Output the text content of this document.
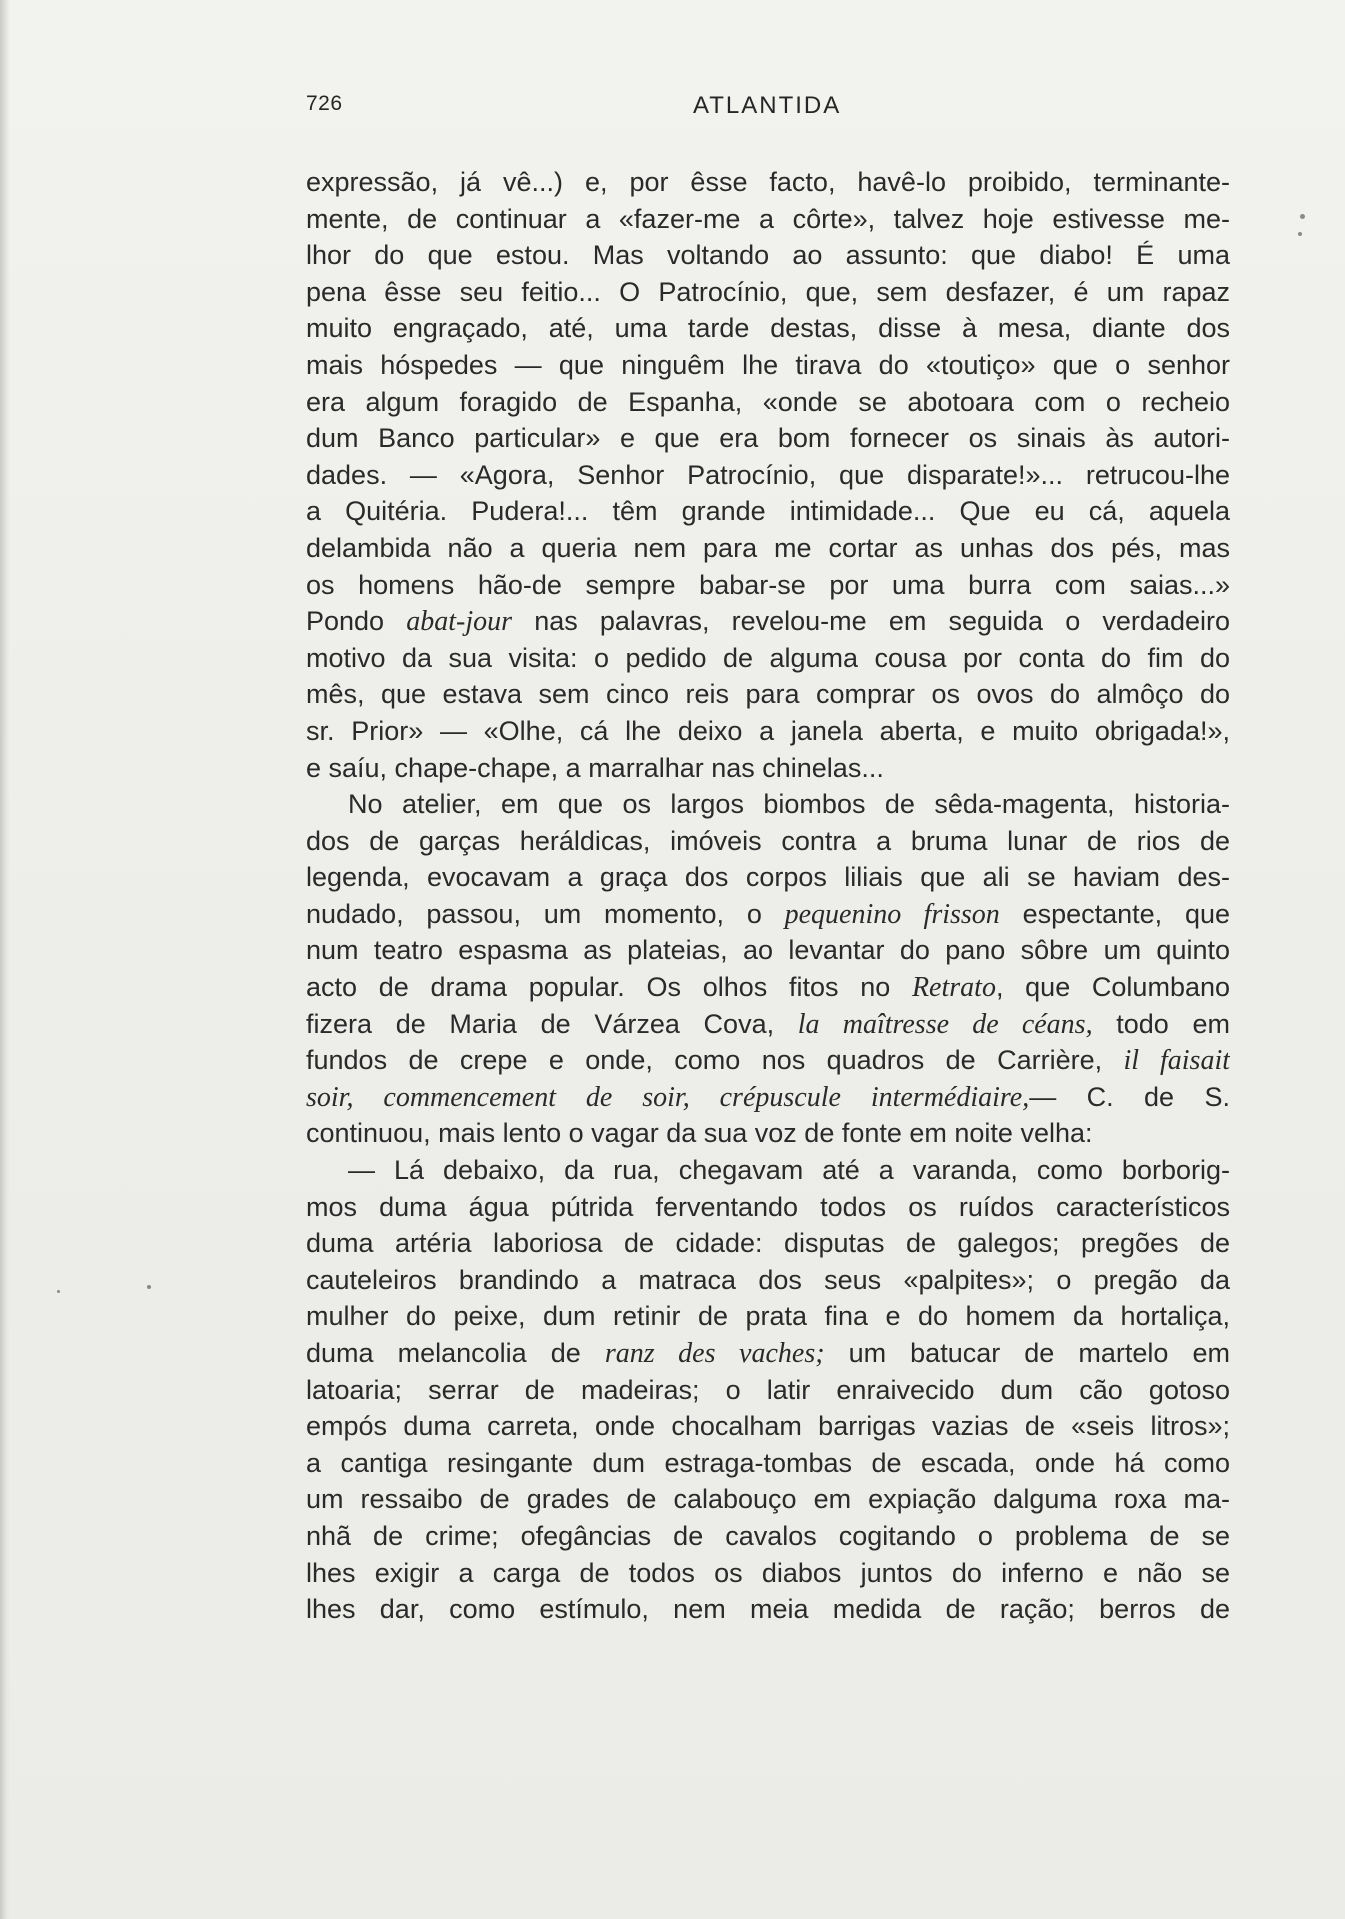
726	ATLANTIDA
expressão, já vê...) e, por êsse facto, havê-lo proibido, terminante-
mente, de continuar a «fazer-me a côrte», talvez hoje estivesse me-
lhor do que estou. Mas voltando ao assunto: que diabo! É uma
pena êsse seu feitio... O Patrocínio, que, sem desfazer, é um rapaz
muito engraçado, até, uma tarde destas, disse à mesa, diante dos
mais hóspedes — que ninguêm lhe tirava do «toutiço» que o senhor
era algum foragido de Espanha, «onde se abotoara com o recheio
dum Banco particular» e que era bom fornecer os sinais às autori-
dades. — «Agora, Senhor Patrocínio, que disparate!»... retrucou-lhe
a Quitéria. Pudera!... têm grande intimidade... Que eu cá, aquela
delambida não a queria nem para me cortar as unhas dos pés, mas
os homens hão-de sempre babar-se por uma burra com saias...»
Pondo abat-jour nas palavras, revelou-me em seguida o verdadeiro
motivo da sua visita: o pedido de alguma cousa por conta do fim do
mês, que estava sem cinco reis para comprar os ovos do almôço do
sr. Prior» — «Olhe, cá lhe deixo a janela aberta, e muito obrigada!»,
e saíu, chape-chape, a marralhar nas chinelas...
No atelier, em que os largos biombos de sêda-magenta, historia-
dos de garças heráldicas, imóveis contra a bruma lunar de rios de
legenda, evocavam a graça dos corpos liliais que ali se haviam des-
nudado, passou, um momento, o pequenino frisson espectante, que
num teatro espasma as plateias, ao levantar do pano sôbre um quinto
acto de drama popular. Os olhos fitos no Retrato, que Columbano
fizera de Maria de Várzea Cova, la maîtresse de céans, todo em
fundos de crepe e onde, como nos quadros de Carrière, il faisait
soir, commencement de soir, crépuscule intermédiaire,— C. de S.
continuou, mais lento o vagar da sua voz de fonte em noite velha:
— Lá debaixo, da rua, chegavam até a varanda, como borborig-
mos duma água pútrida ferventando todos os ruídos característicos
duma artéria laboriosa de cidade: disputas de galegos; pregões de
cauteleiros brandindo a matraca dos seus «palpites»; o pregão da
mulher do peixe, dum retinir de prata fina e do homem da hortaliça,
duma melancolia de ranz des vaches; um batucar de martelo em
latoaria; serrar de madeiras; o latir enraivecido dum cão gotoso
empós duma carreta, onde chocalham barrigas vazias de «seis litros»;
a cantiga resingante dum estraga-tombas de escada, onde há como
um ressaibo de grades de calabouço em expiação dalguma roxa ma-
nhã de crime; ofegâncias de cavalos cogitando o problema de se
lhes exigir a carga de todos os diabos juntos do inferno e não se
lhes dar, como estímulo, nem meia medida de ração; berros de
